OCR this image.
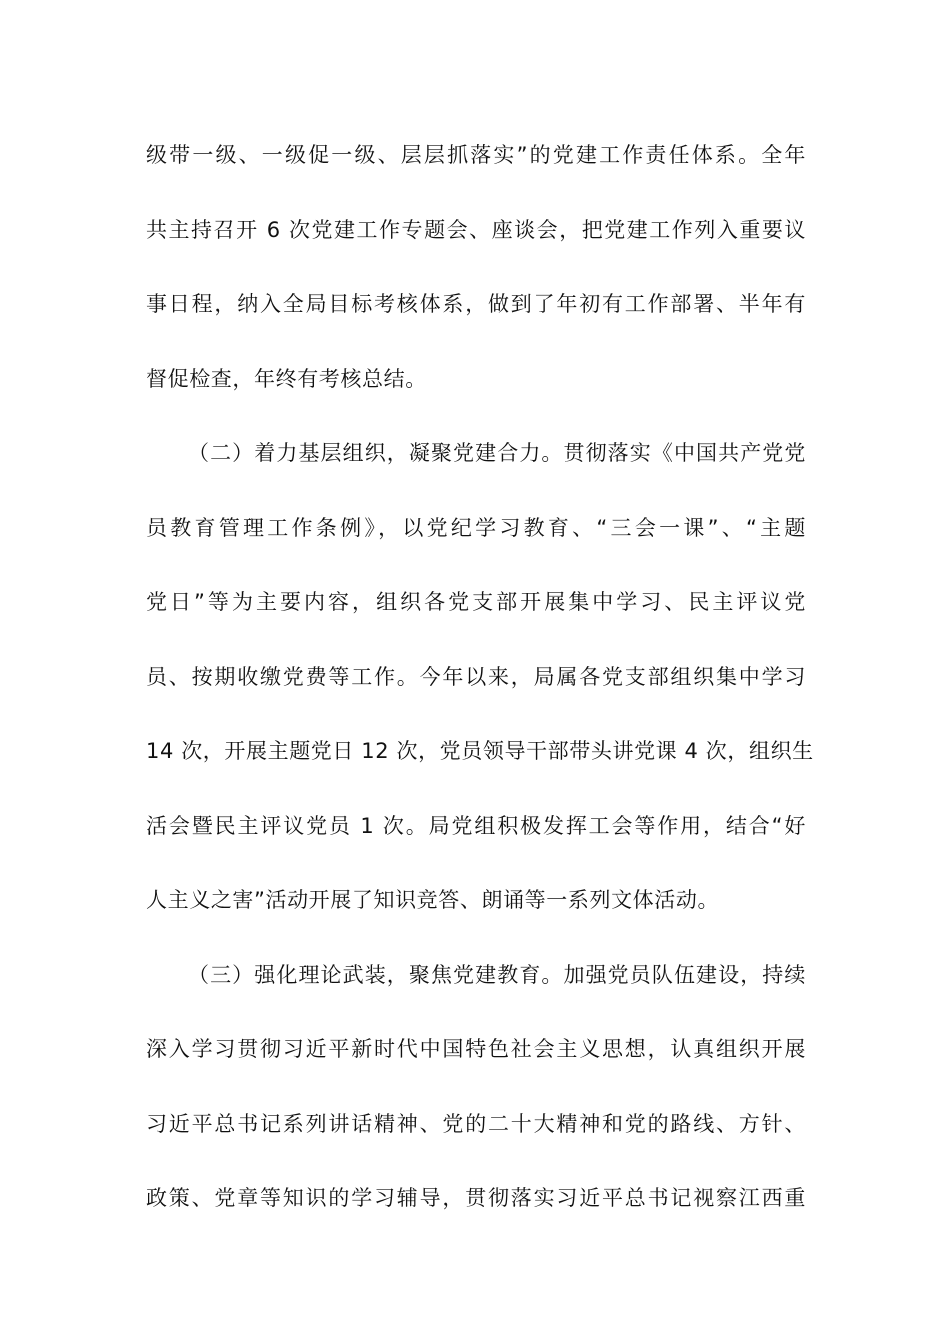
级带一级、一级促一级、层层抓落实”的党建工作责任体系。全年
共主持召开 6 次党建工作专题会、座谈会，把党建工作列入重要议
事日程，纳入全局目标考核体系，做到了年初有工作部署、半年有
督促检查，年终有考核总结。
（二）着力基层组织，凝聚党建合力。贯彻落实《中国共产党党
员教育管理工作条例》，以党纪学习教育、“三会一课”、“主题
党日”等为主要内容，组织各党支部开展集中学习、民主评议党
员、按期收缴党费等工作。今年以来，局属各党支部组织集中学习
14 次，开展主题党日 12 次，党员领导干部带头讲党课 4 次，组织生
活会暨民主评议党员 1 次。局党组积极发挥工会等作用，结合“好
人主义之害”活动开展了知识竞答、朗诵等一系列文体活动。
（三）强化理论武装，聚焦党建教育。加强党员队伍建设，持续
深入学习贯彻习近平新时代中国特色社会主义思想，认真组织开展
习近平总书记系列讲话精神、党的二十大精神和党的路线、方针、
政策、党章等知识的学习辅导，贯彻落实习近平总书记视察江西重
